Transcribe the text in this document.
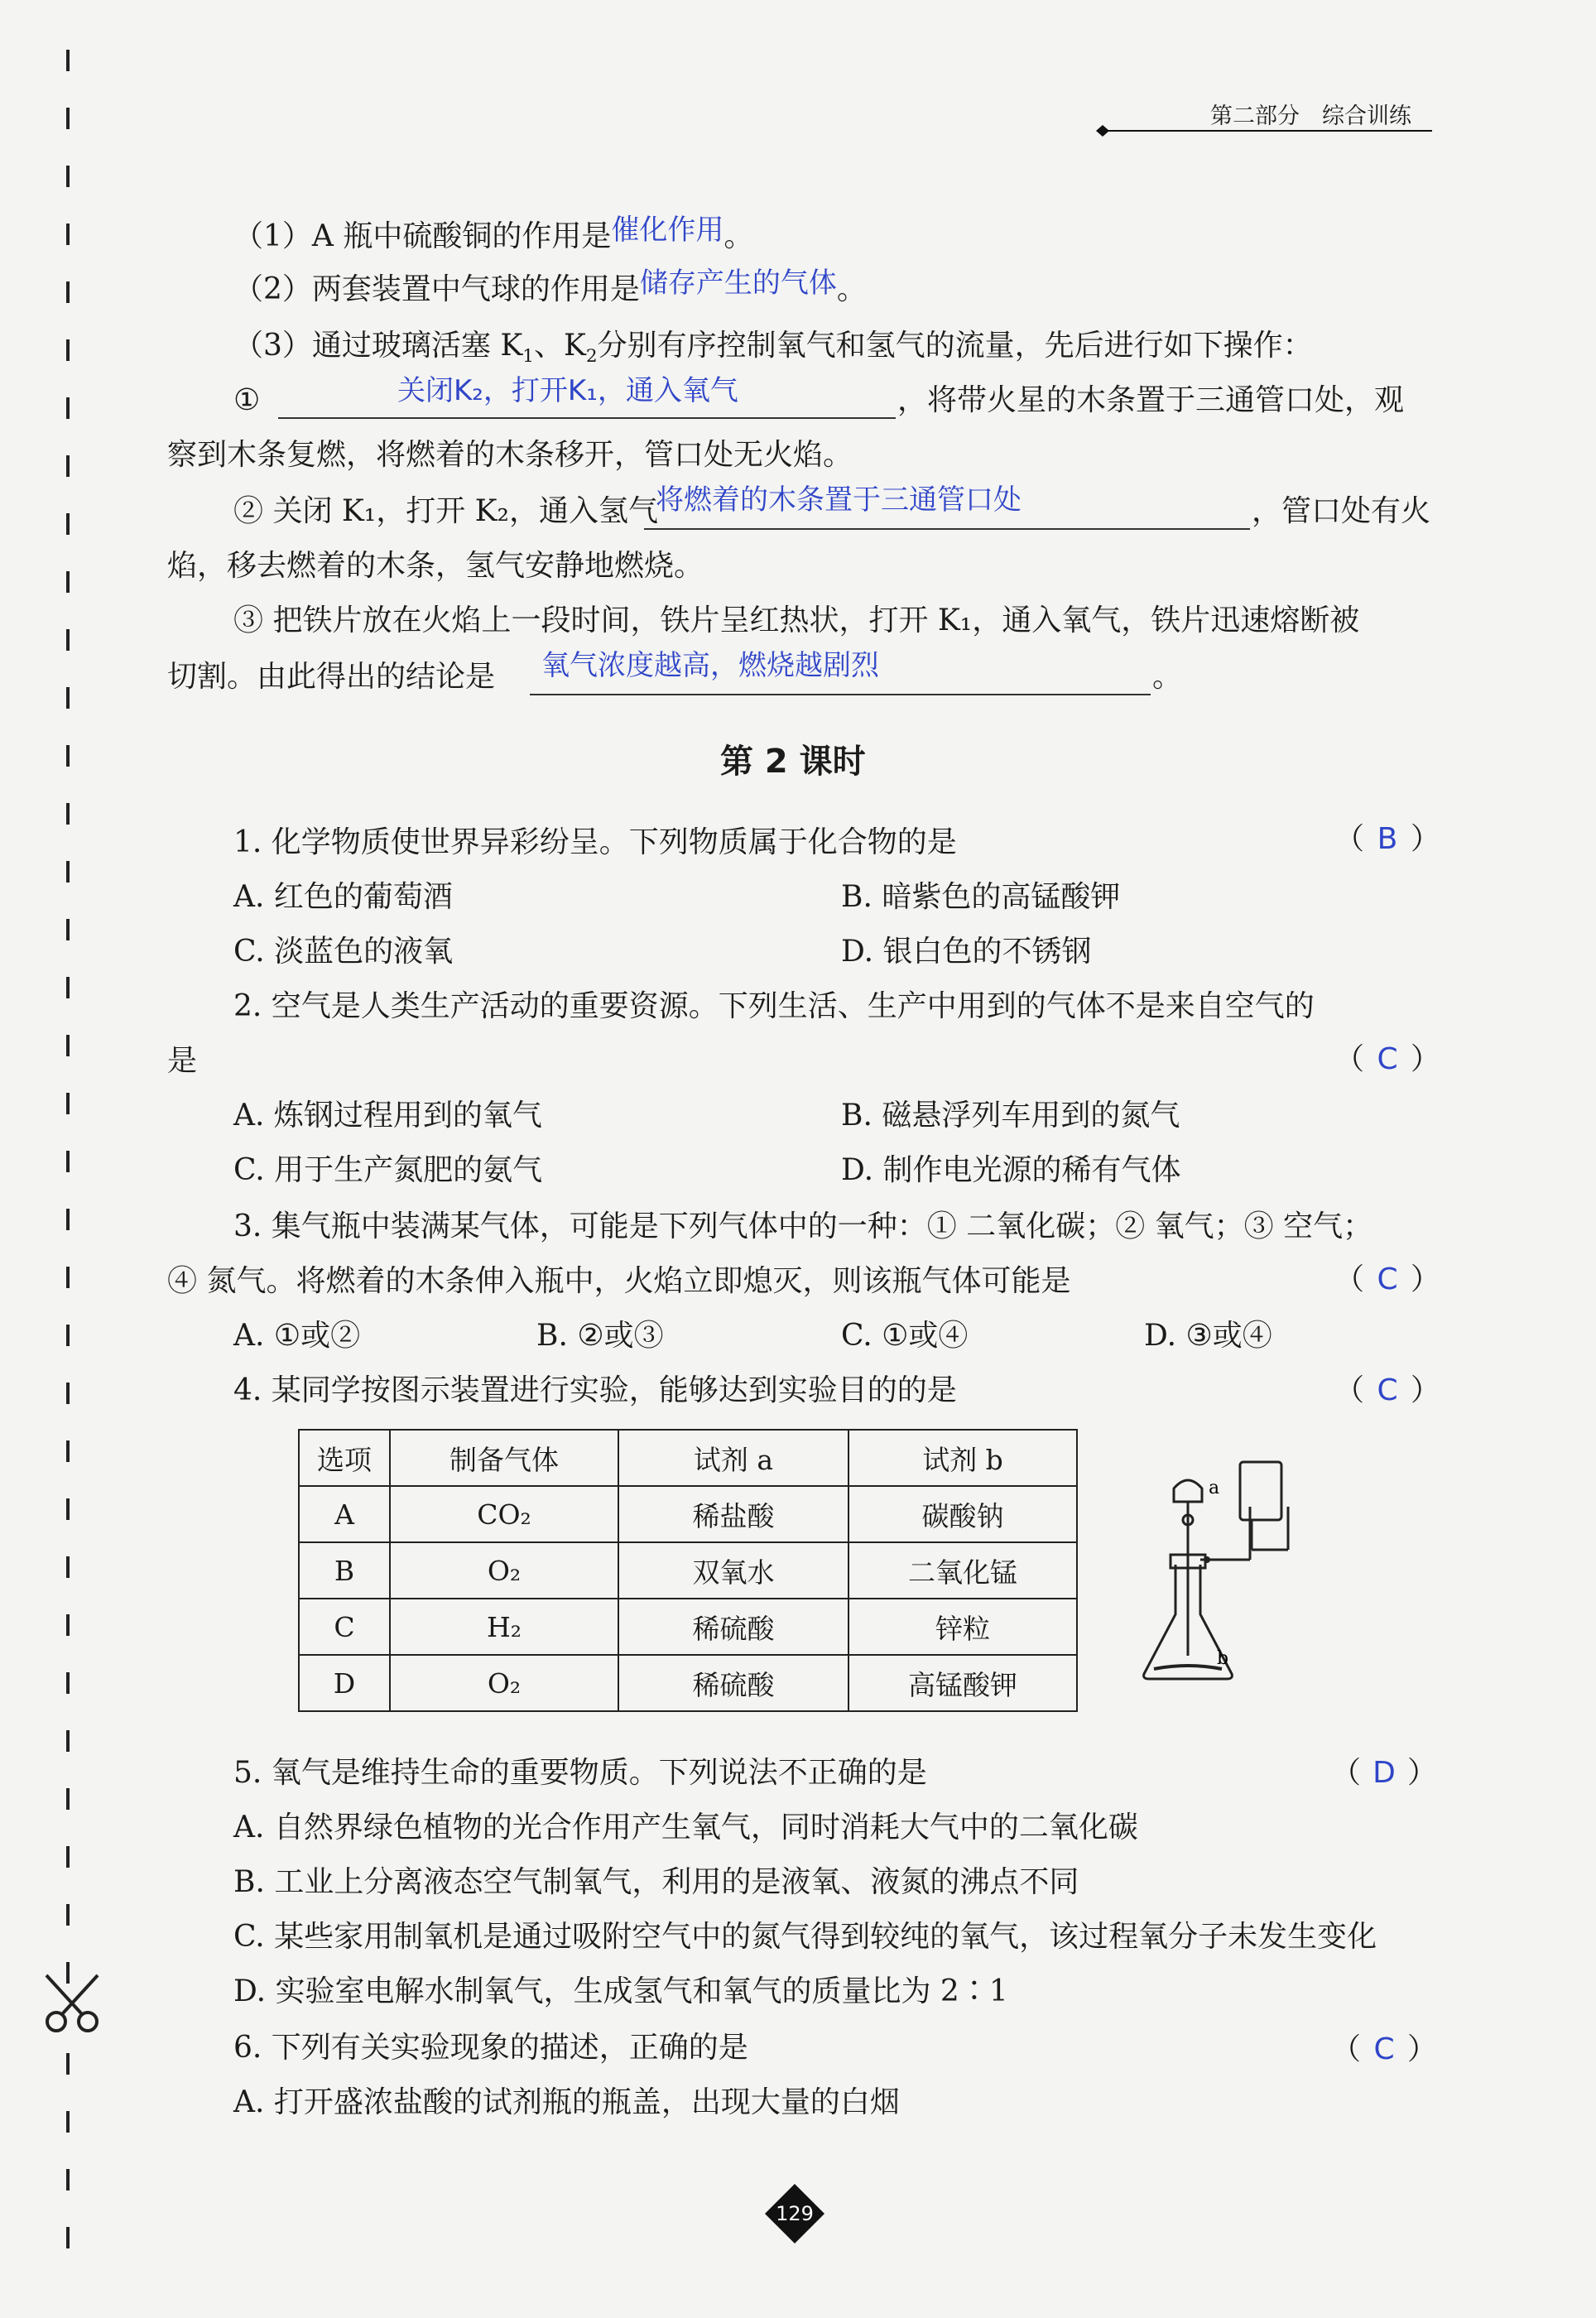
第二部分　综合训练
（1）A 瓶中硫酸铜的作用是催化作用。
（2）两套装置中气球的作用是储存产生的气体。
（3）通过玻璃活塞 $K_1$、$K_2$分别有序控制氧气和氢气的流量，先后进行如下操作：
①	关闭K₂，打开K₁，通入氧气	，将带火星的木条置于三通管口处，观
察到木条复燃，将燃着的木条移开，管口处无火焰。
② 关闭 K₁，打开 K₂，通入氢气
将燃着的木条置于三通管口处	，管口处有火
焰，移去燃着的木条，氢气安静地燃烧。
③ 把铁片放在火焰上一段时间，铁片呈红热状，打开 K₁，通入氧气，铁片迅速熔断被
切割。由此得出的结论是 氧气浓度越高，燃烧越剧烈	。
第 2 课时
1. 化学物质使世界异彩纷呈。下列物质属于化合物的是	（ B ）
A. 红色的葡萄酒	B. 暗紫色的高锰酸钾
C. 淡蓝色的液氧	D. 银白色的不锈钢
2. 空气是人类生产活动的重要资源。下列生活、生产中用到的气体不是来自空气的
是	（ C ）
A. 炼钢过程用到的氧气	B. 磁悬浮列车用到的氮气
C. 用于生产氮肥的氨气	D. 制作电光源的稀有气体
3. 集气瓶中装满某气体，可能是下列气体中的一种：① 二氧化碳；② 氧气；③ 空气；
④ 氮气。将燃着的木条伸入瓶中，火焰立即熄灭，则该瓶气体可能是	（ C ）
A. ①或②	B. ②或③	C. ①或④	D. ③或④
4. 某同学按图示装置进行实验，能够达到实验目的的是	（ C ）
选项	制备气体	试剂 a	试剂 b
A	CO₂	稀盐酸	碳酸钠
B	O₂	双氧水	二氧化锰
C	H₂	稀硫酸	锌粒
D	O₂	稀硫酸	高锰酸钾
a
b
5. 氧气是维持生命的重要物质。下列说法不正确的是	（ D ）
A. 自然界绿色植物的光合作用产生氧气，同时消耗大气中的二氧化碳
B. 工业上分离液态空气制氧气，利用的是液氧、液氮的沸点不同
C. 某些家用制氧机是通过吸附空气中的氮气得到较纯的氧气，该过程氧分子未发生变化
D. 实验室电解水制氧气，生成氢气和氧气的质量比为 2∶1
6. 下列有关实验现象的描述，正确的是	（ C ）
A. 打开盛浓盐酸的试剂瓶的瓶盖，出现大量的白烟
129
